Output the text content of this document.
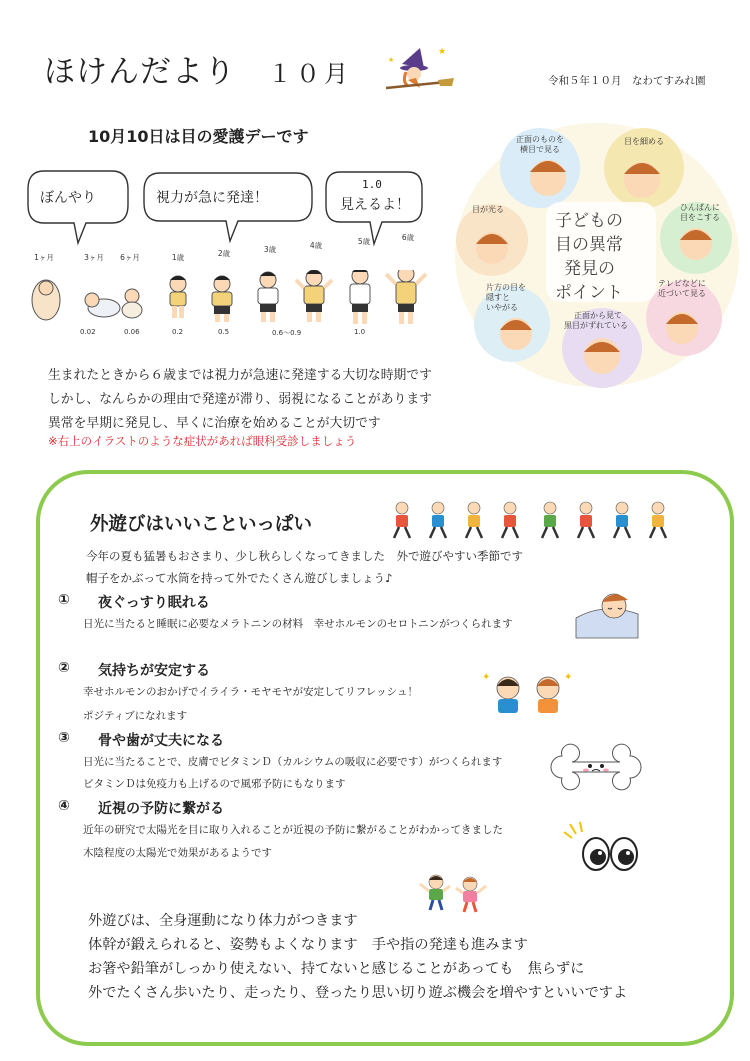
ほけんだより １０月	令和５年１０月　なわてすみれ園
★
★
10月10日は目の愛護デーです
ぼんやり	視力が急に発達！
1.0
見えるよ！
1ヶ月	3ヶ月 6ヶ月	1歳	2歳	3歳	4歳	5歳	6歳
0.02	0.06	0.2	0.5	0.6〜0.9	1.0
正面のものを
横目で見る
目を細める
ひんぱんに
目をこする
テレビなどに
近づいて見る
正面から見て
黒目がずれている
片方の目を
隠すと
いやがる
目が光る
子どもの
目の異常
発見の
ポイント
生まれたときから６歳までは視力が急速に発達する大切な時期です
しかし、なんらかの理由で発達が滞り、弱視になることがあります
異常を早期に発見し、早くに治療を始めることが大切です
※右上のイラストのような症状があれば眼科受診しましょう
外遊びはいいこといっぱい
今年の夏も猛暑もおさまり、少し秋らしくなってきました　外で遊びやすい季節です
帽子をかぶって水筒を持って外でたくさん遊びしましょう♪
① 夜ぐっすり眠れる
日光に当たると睡眠に必要なメラトニンの材料　幸せホルモンのセロトニンがつくられます
② 気持ちが安定する
幸せホルモンのおかげでイライラ・モヤモヤが安定してリフレッシュ！
ポジティブになれます
✦	✦
③ 骨や歯が丈夫になる
日光に当たることで、皮膚でビタミンＤ（カルシウムの吸収に必要です）がつくられます
ビタミンＤは免疫力も上げるので風邪予防にもなります
④ 近視の予防に繋がる
近年の研究で太陽光を目に取り入れることが近視の予防に繋がることがわかってきました
木陰程度の太陽光で効果があるようです
外遊びは、全身運動になり体力がつきます
体幹が鍛えられると、姿勢もよくなります　手や指の発達も進みます
お箸や鉛筆がしっかり使えない、持てないと感じることがあっても　焦らずに
外でたくさん歩いたり、走ったり、登ったり思い切り遊ぶ機会を増やすといいですよ
